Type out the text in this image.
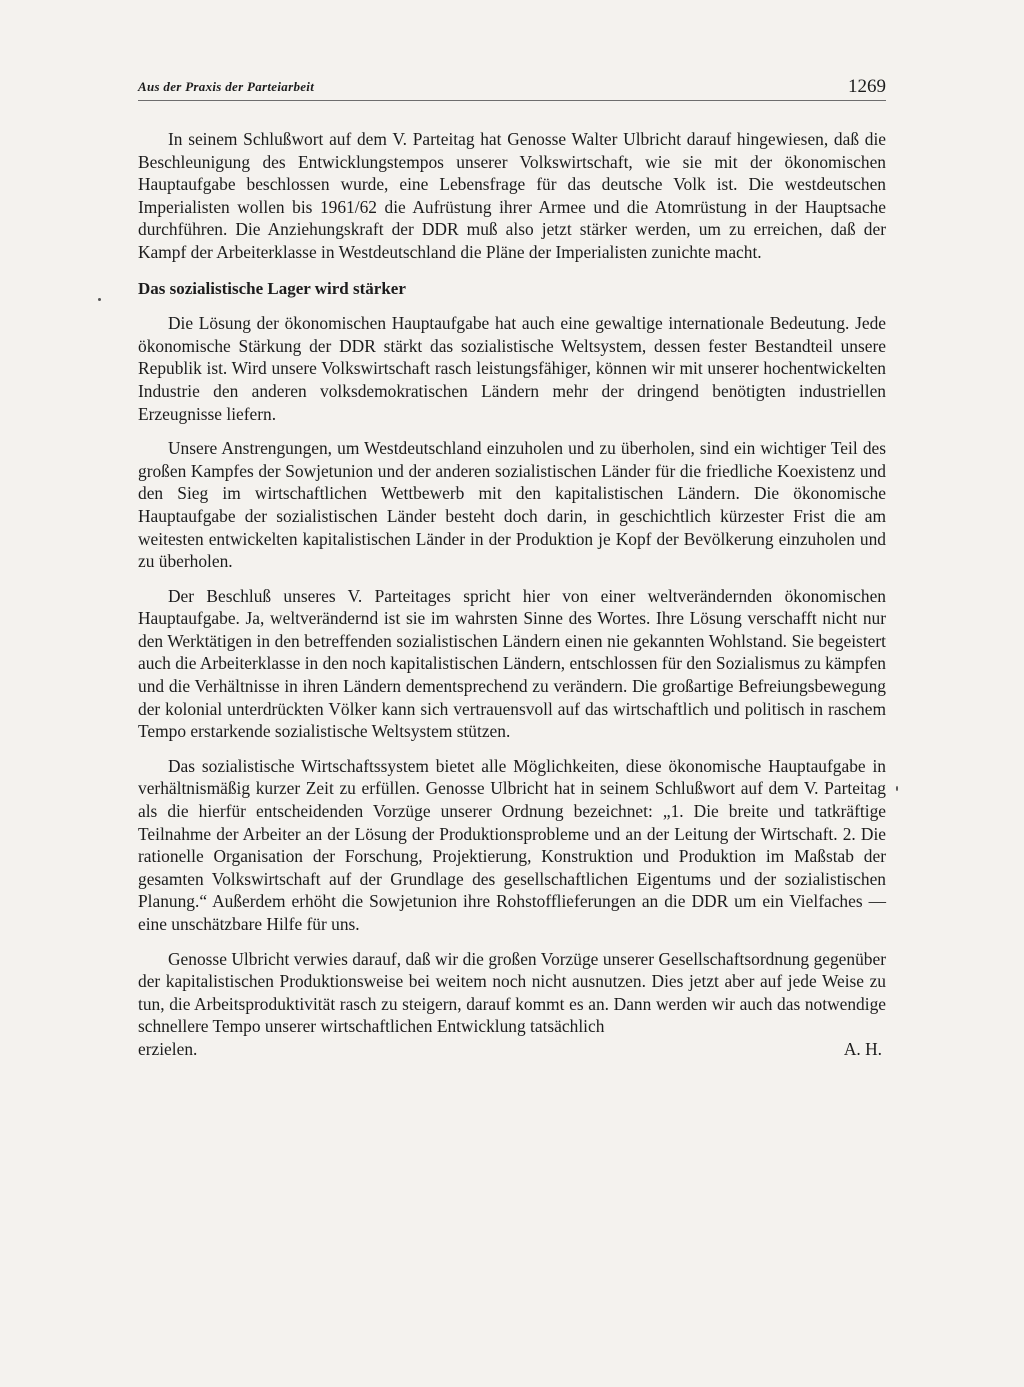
Aus der Praxis der Parteiarbeit	1269

In seinem Schlußwort auf dem V. Parteitag hat Genosse Walter Ulbricht darauf hingewiesen, daß die Beschleunigung des Entwicklungstempos unserer Volkswirtschaft, wie sie mit der ökonomischen Hauptaufgabe beschlossen wurde, eine Lebensfrage für das deutsche Volk ist. Die westdeutschen Imperialisten wollen bis 1961/62 die Aufrüstung ihrer Armee und die Atomrüstung in der Hauptsache durchführen. Die Anziehungskraft der DDR muß also jetzt stärker werden, um zu erreichen, daß der Kampf der Arbeiterklasse in Westdeutschland die Pläne der Imperialisten zunichte macht.

Das sozialistische Lager wird stärker

Die Lösung der ökonomischen Hauptaufgabe hat auch eine gewaltige internationale Bedeutung. Jede ökonomische Stärkung der DDR stärkt das sozialistische Weltsystem, dessen fester Bestandteil unsere Republik ist. Wird unsere Volkswirtschaft rasch leistungsfähiger, können wir mit unserer hochentwickelten Industrie den anderen volksdemokratischen Ländern mehr der dringend benötigten industriellen Erzeugnisse liefern.

Unsere Anstrengungen, um Westdeutschland einzuholen und zu überholen, sind ein wichtiger Teil des großen Kampfes der Sowjetunion und der anderen sozialistischen Länder für die friedliche Koexistenz und den Sieg im wirtschaftlichen Wettbewerb mit den kapitalistischen Ländern. Die ökonomische Hauptaufgabe der sozialistischen Länder besteht doch darin, in geschichtlich kürzester Frist die am weitesten entwickelten kapitalistischen Länder in der Produktion je Kopf der Bevölkerung einzuholen und zu überholen.

Der Beschluß unseres V. Parteitages spricht hier von einer weltverändernden ökonomischen Hauptaufgabe. Ja, weltverändernd ist sie im wahrsten Sinne des Wortes. Ihre Lösung verschafft nicht nur den Werktätigen in den betreffenden sozialistischen Ländern einen nie gekannten Wohlstand. Sie begeistert auch die Arbeiterklasse in den noch kapitalistischen Ländern, entschlossen für den Sozialismus zu kämpfen und die Verhältnisse in ihren Ländern dementsprechend zu verändern. Die großartige Befreiungsbewegung der kolonial unterdrückten Völker kann sich vertrauensvoll auf das wirtschaftlich und politisch in raschem Tempo erstarkende sozialistische Weltsystem stützen.

Das sozialistische Wirtschaftssystem bietet alle Möglichkeiten, diese ökonomische Hauptaufgabe in verhältnismäßig kurzer Zeit zu erfüllen. Genosse Ulbricht hat in seinem Schlußwort auf dem V. Parteitag als die hierfür entscheidenden Vorzüge unserer Ordnung bezeichnet: „1. Die breite und tatkräftige Teilnahme der Arbeiter an der Lösung der Produktionsprobleme und an der Leitung der Wirtschaft. 2. Die rationelle Organisation der Forschung, Projektierung, Konstruktion und Produktion im Maßstab der gesamten Volkswirtschaft auf der Grundlage des gesellschaftlichen Eigentums und der sozialistischen Planung.“ Außerdem erhöht die Sowjetunion ihre Rohstofflieferungen an die DDR um ein Vielfaches — eine unschätzbare Hilfe für uns.

Genosse Ulbricht verwies darauf, daß wir die großen Vorzüge unserer Gesellschaftsordnung gegenüber der kapitalistischen Produktionsweise bei weitem noch nicht ausnutzen. Dies jetzt aber auf jede Weise zu tun, die Arbeitsproduktivität rasch zu steigern, darauf kommt es an. Dann werden wir auch das notwendige schnellere Tempo unserer wirtschaftlichen Entwicklung tatsächlich

erzielen.	A. H.
